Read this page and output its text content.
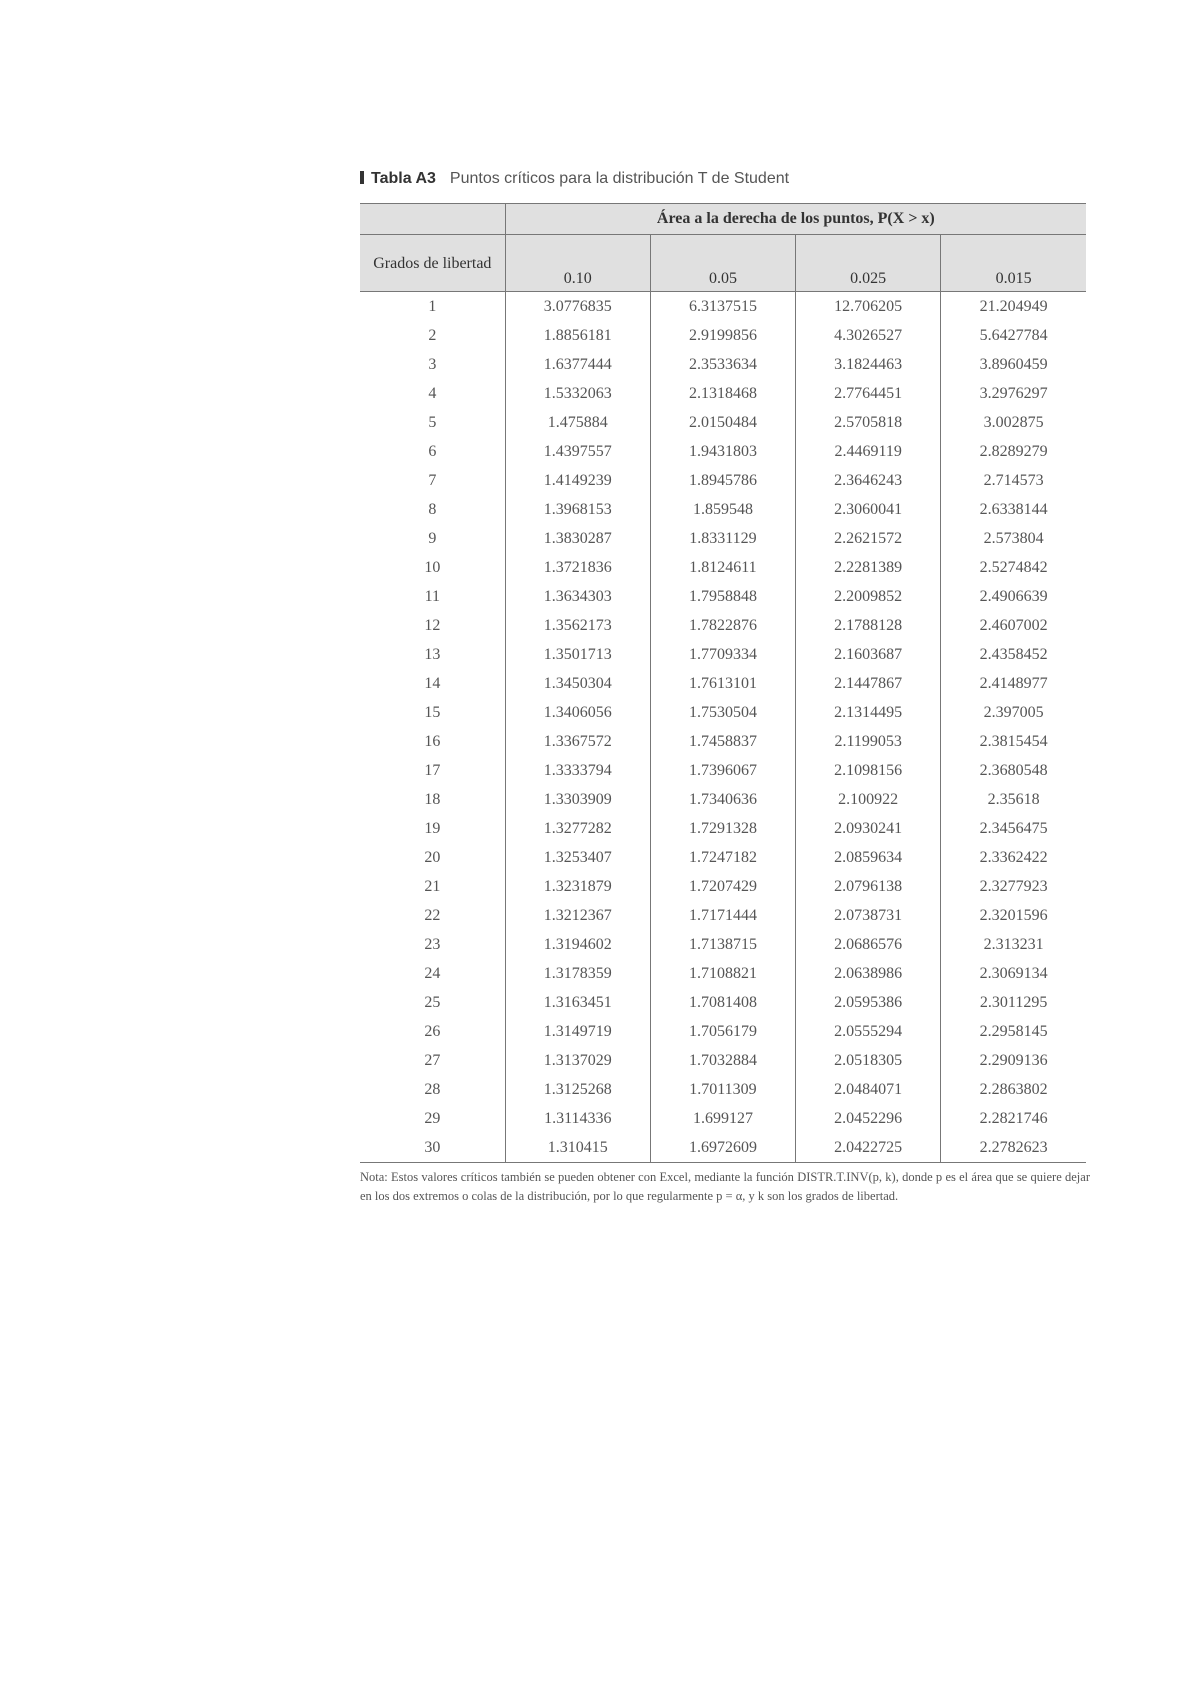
Tabla A3 Puntos críticos para la distribución T de Student
	Área a la derecha de los puntos, P(X > x)			
Grados de libertad	0.10	0.05	0.025	0.015
1	3.0776835	6.3137515	12.706205	21.204949
2	1.8856181	2.9199856	4.3026527	5.6427784
3	1.6377444	2.3533634	3.1824463	3.8960459
4	1.5332063	2.1318468	2.7764451	3.2976297
5	1.475884	2.0150484	2.5705818	3.002875
6	1.4397557	1.9431803	2.4469119	2.8289279
7	1.4149239	1.8945786	2.3646243	2.714573
8	1.3968153	1.859548	2.3060041	2.6338144
9	1.3830287	1.8331129	2.2621572	2.573804
10	1.3721836	1.8124611	2.2281389	2.5274842
11	1.3634303	1.7958848	2.2009852	2.4906639
12	1.3562173	1.7822876	2.1788128	2.4607002
13	1.3501713	1.7709334	2.1603687	2.4358452
14	1.3450304	1.7613101	2.1447867	2.4148977
15	1.3406056	1.7530504	2.1314495	2.397005
16	1.3367572	1.7458837	2.1199053	2.3815454
17	1.3333794	1.7396067	2.1098156	2.3680548
18	1.3303909	1.7340636	2.100922	2.35618
19	1.3277282	1.7291328	2.0930241	2.3456475
20	1.3253407	1.7247182	2.0859634	2.3362422
21	1.3231879	1.7207429	2.0796138	2.3277923
22	1.3212367	1.7171444	2.0738731	2.3201596
23	1.3194602	1.7138715	2.0686576	2.313231
24	1.3178359	1.7108821	2.0638986	2.3069134
25	1.3163451	1.7081408	2.0595386	2.3011295
26	1.3149719	1.7056179	2.0555294	2.2958145
27	1.3137029	1.7032884	2.0518305	2.2909136
28	1.3125268	1.7011309	2.0484071	2.2863802
29	1.3114336	1.699127	2.0452296	2.2821746
30	1.310415	1.6972609	2.0422725	2.2782623
Nota: Estos valores críticos también se pueden obtener con Excel, mediante la función DISTR.T.INV(p, k), donde p es el área que se quiere dejar en los dos extremos o colas de la distribución, por lo que regularmente p = α, y k son los grados de libertad.
